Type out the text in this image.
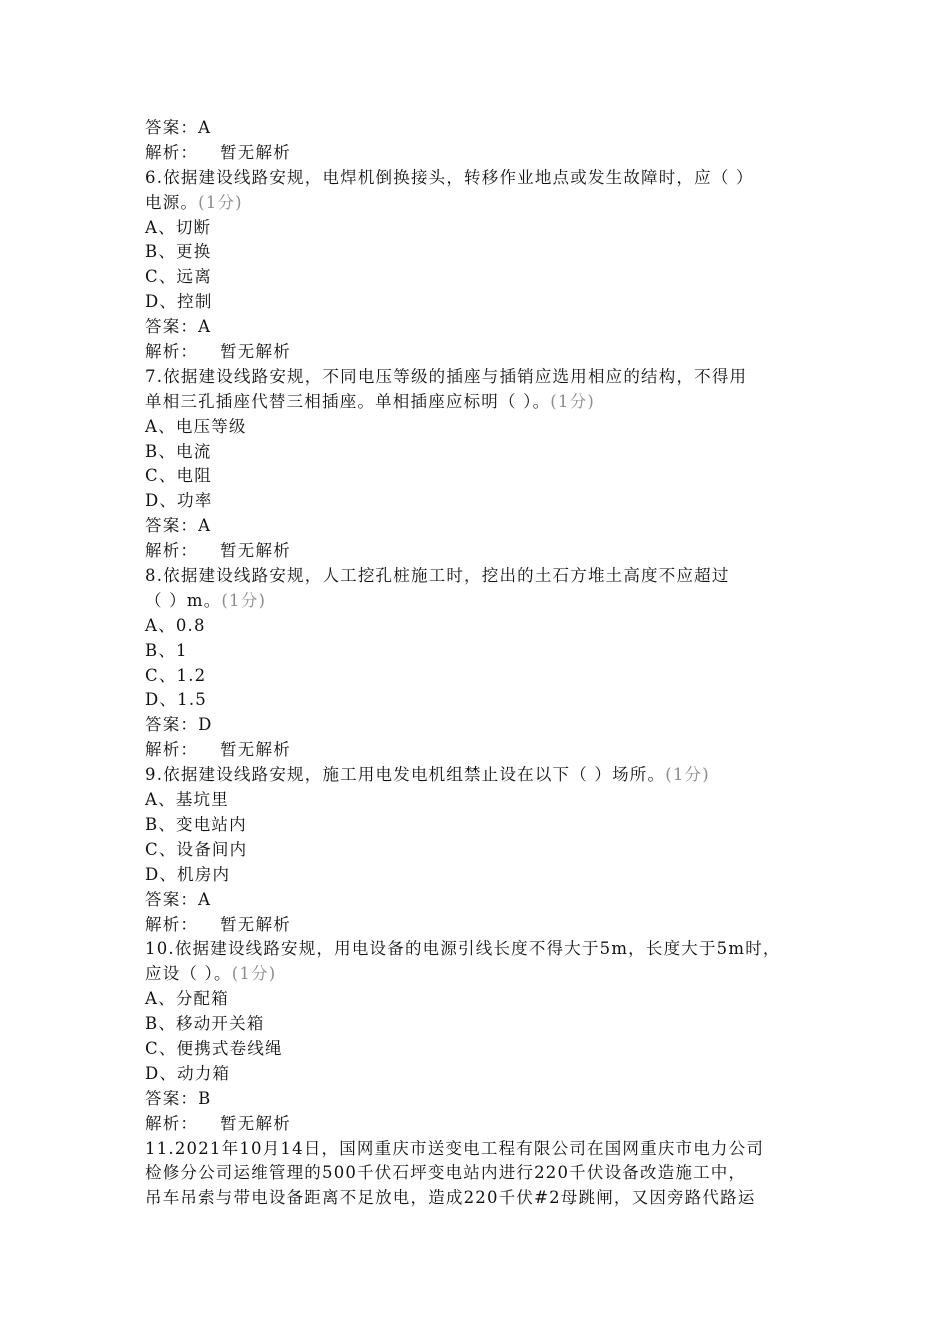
答案：A
解析： 暂无解析
6.依据建设线路安规，电焊机倒换接头，转移作业地点或发生故障时，应（ ）
电源。(1分)
A、切断
B、更换
C、远离
D、控制
答案：A
解析： 暂无解析
7.依据建设线路安规，不同电压等级的插座与插销应选用相应的结构，不得用
单相三孔插座代替三相插座。单相插座应标明（ ）。(1分)
A、电压等级
B、电流
C、电阻
D、功率
答案：A
解析： 暂无解析
8.依据建设线路安规，人工挖孔桩施工时，挖出的土石方堆土高度不应超过
（ ）m。(1分)
A、0.8
B、1
C、1.2
D、1.5
答案：D
解析： 暂无解析
9.依据建设线路安规，施工用电发电机组禁止设在以下（ ）场所。(1分)
A、基坑里
B、变电站内
C、设备间内
D、机房内
答案：A
解析： 暂无解析
10.依据建设线路安规，用电设备的电源引线长度不得大于5m，长度大于5m时，
应设（ ）。(1分)
A、分配箱
B、移动开关箱
C、便携式卷线绳
D、动力箱
答案：B
解析： 暂无解析
11.2021年10月14日，国网重庆市送变电工程有限公司在国网重庆市电力公司
检修分公司运维管理的500千伏石坪变电站内进行220千伏设备改造施工中，
吊车吊索与带电设备距离不足放电，造成220千伏#2母跳闸，又因旁路代路运
